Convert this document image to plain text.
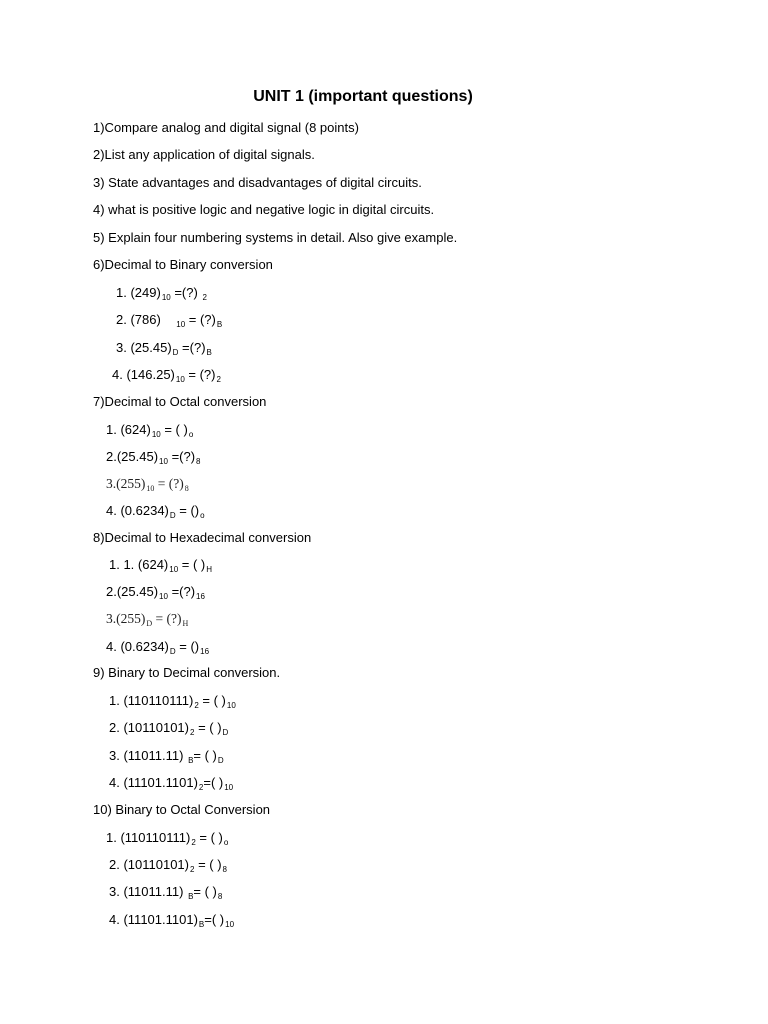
UNIT 1 (important questions)
1)Compare analog and digital signal (8 points)
2)List any application of digital signals.
3) State advantages and disadvantages of digital circuits.
4) what is positive logic and negative logic in digital circuits.
5) Explain four numbering systems in detail. Also give example.
6)Decimal to Binary conversion
1. $(249)_{10}$ =(?) $_2$
2. (786)    $_{10} = (?)_B$
3. $(25.45)_D$ $=(?)_B$
4. $(146.25)_{10}$ = $(?)_2$
7)Decimal to Octal conversion
1. $(624)_{10}$ = ( )$_o$
$2.(25.45)_{10}$ $=(?)_8$
$3.(255)_{10}$ = $(?)_8$
4. $(0.6234)_D = ()_o$
8)Decimal to Hexadecimal conversion
1. 1. $(624)_{10}$ = ( )$_H$
$2.(25.45)_{10}$ $=(?)_{16}$
$3.(255)_D$ = $(?)_H$
4. $(0.6234)_D = ()_{16}$
9) Binary to Decimal conversion.
1. $(110110111)_2$ = ( )$_{10}$
2. $(10110101)_2$ = ( )$_D$
3. (11011.11) $_B$= ( )$_D$
4. $(11101.1101)_2=$( )$_{10}$
10) Binary to Octal Conversion
1. $(110110111)_2$ = ( )$_o$
2. $(10110101)_2$ = ( )$_8$
3. (11011.11) $_B$= ( )$_8$
4. $(11101.1101)_B=$( )$_{10}$
